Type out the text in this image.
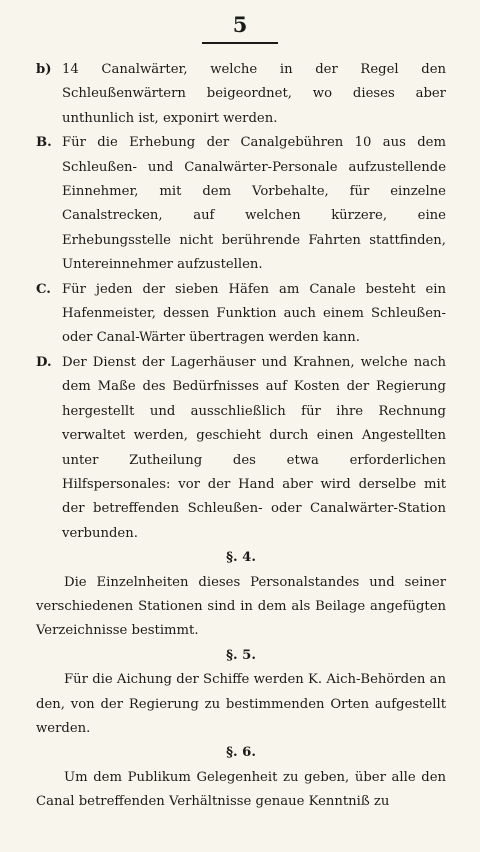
5
b) 14 Canalwärter, welche in der Regel den Schleußenwärtern beigeordnet, wo dieses aber unthunlich ist, exponirt werden.
B. Für die Erhebung der Canalgebühren 10 aus dem Schleußen- und Canalwärter-Personale aufzustellende Einnehmer, mit dem Vorbehalte, für einzelne Canalstrecken, auf welchen kürzere, eine Erhebungsstelle nicht berührende Fahrten stattfinden, Untereinnehmer aufzustellen.
C. Für jeden der sieben Häfen am Canale besteht ein Hafenmeister, dessen Funktion auch einem Schleußen- oder Canal-Wärter übertragen werden kann.
D. Der Dienst der Lagerhäuser und Krahnen, welche nach dem Maße des Bedürfnisses auf Kosten der Regierung hergestellt und ausschließlich für ihre Rechnung verwaltet werden, geschieht durch einen Angestellten unter Zutheilung des etwa erforderlichen Hilfspersonales: vor der Hand aber wird derselbe mit der betreffenden Schleußen- oder Canalwärter-Station verbunden.
§. 4.
Die Einzelnheiten dieses Personalstandes und seiner verschiedenen Stationen sind in dem als Beilage angefügten Verzeichnisse bestimmt.
§. 5.
Für die Aichung der Schiffe werden K. Aich-Behörden an den, von der Regierung zu bestimmenden Orten aufgestellt werden.
§. 6.
Um dem Publikum Gelegenheit zu geben, über alle den Canal betreffenden Verhältnisse genaue Kenntniß zu
